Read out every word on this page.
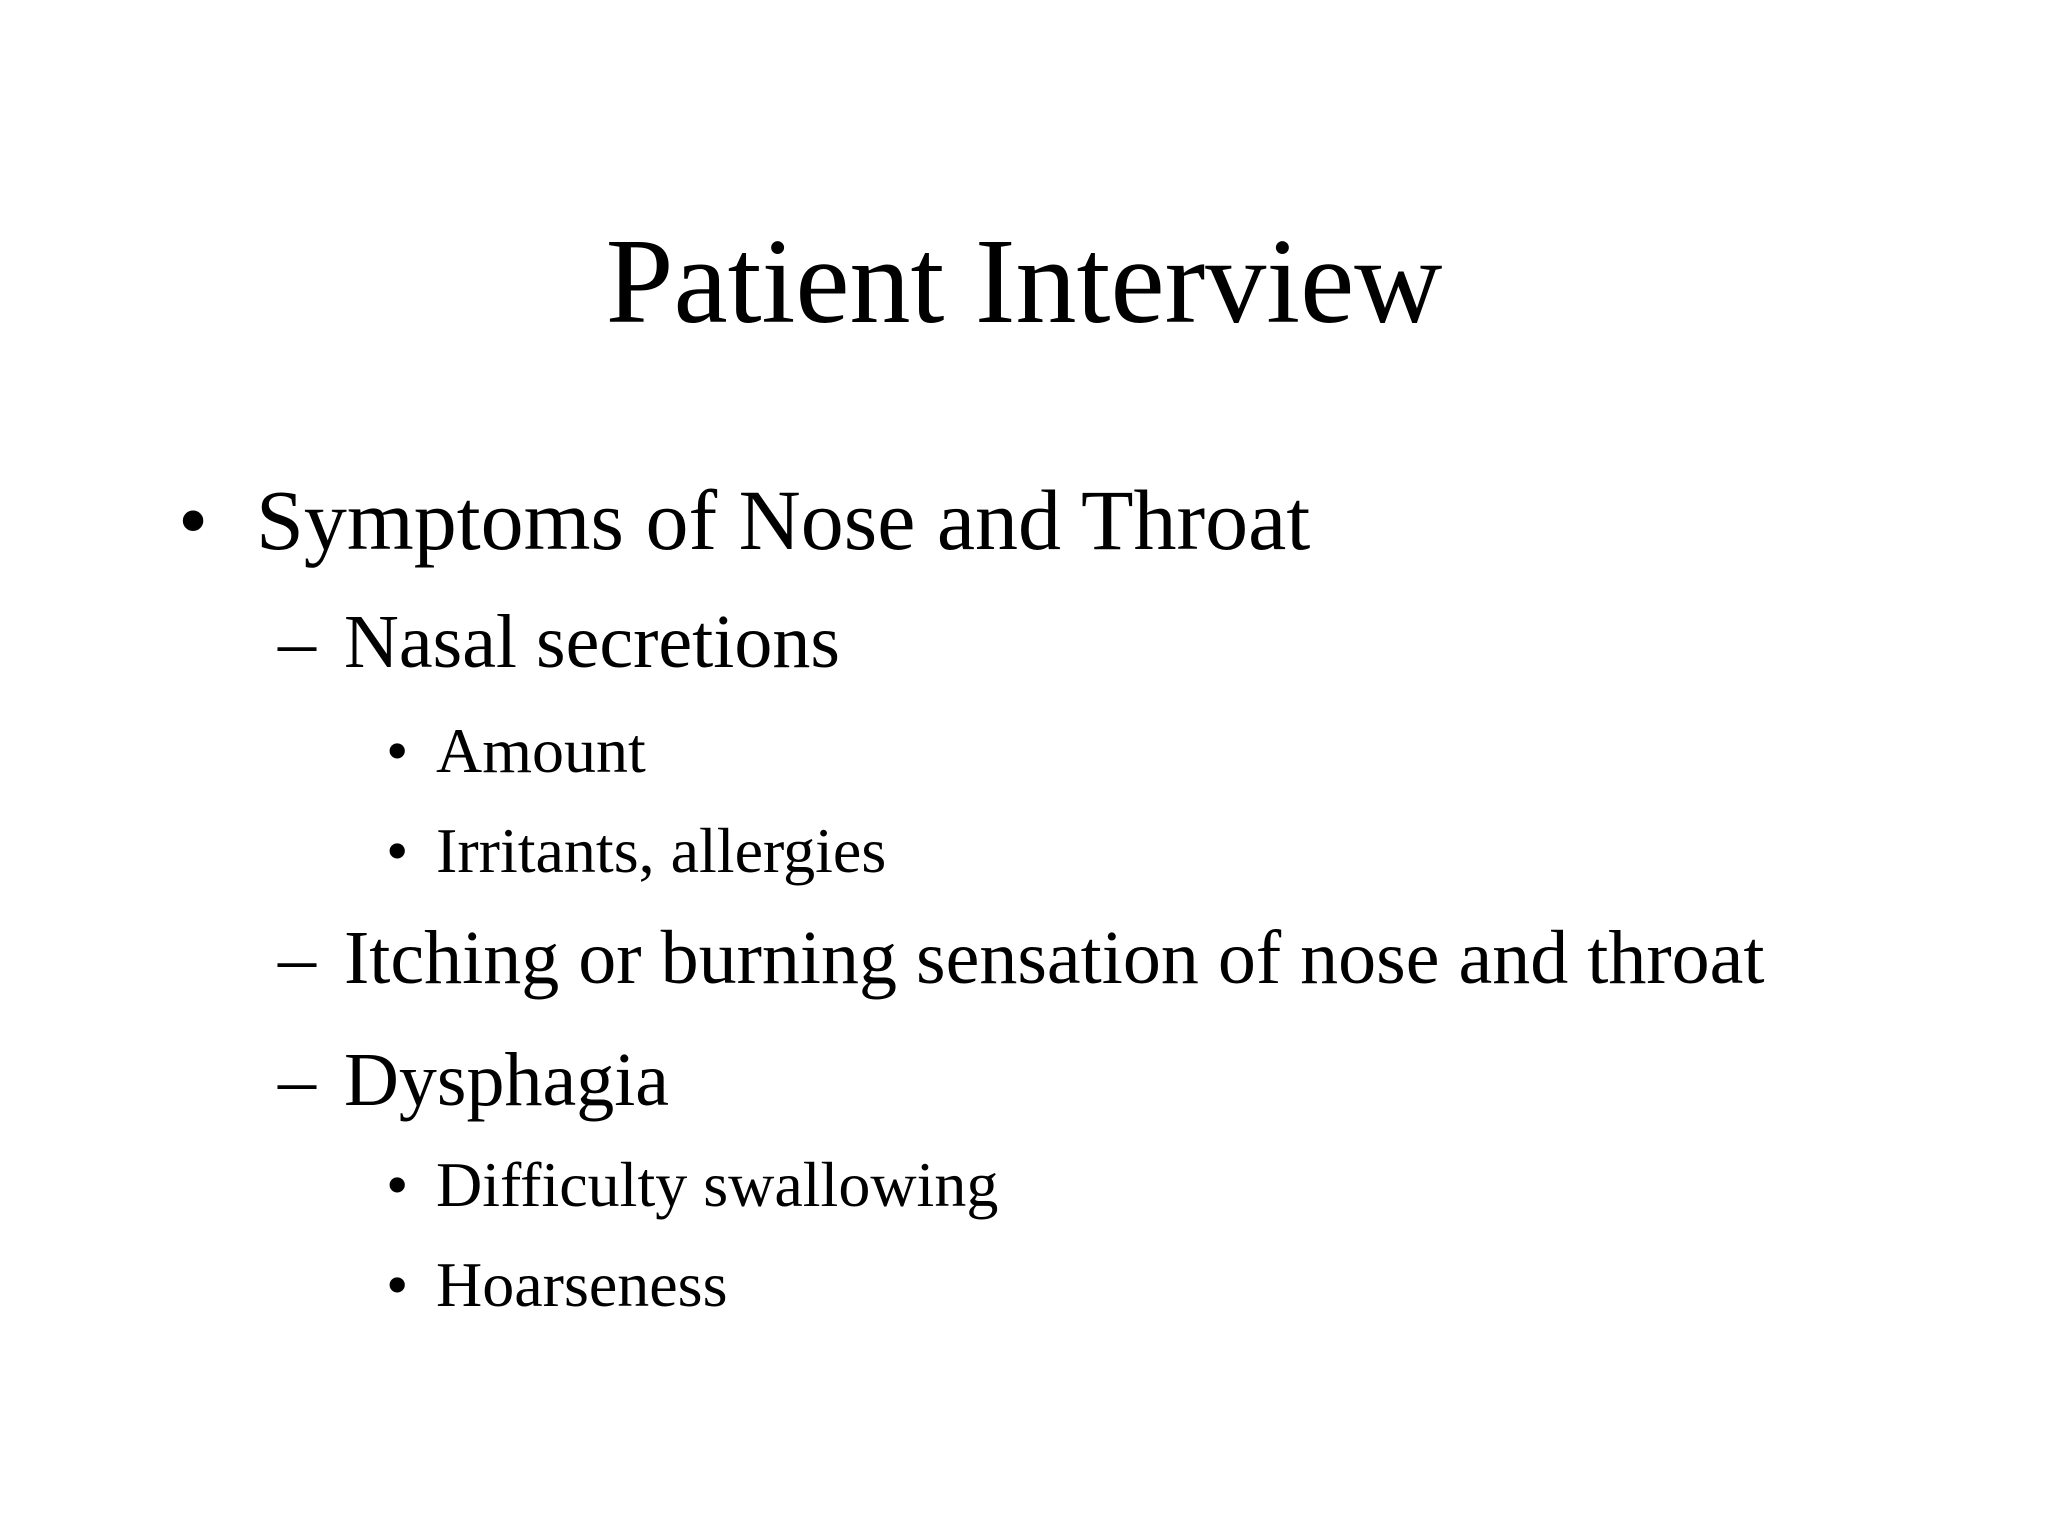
Patient Interview
• Symptoms of Nose and Throat
– Nasal secretions
• Amount
• Irritants, allergies
– Itching or burning sensation of nose and throat
– Dysphagia
• Difficulty swallowing
• Hoarseness
